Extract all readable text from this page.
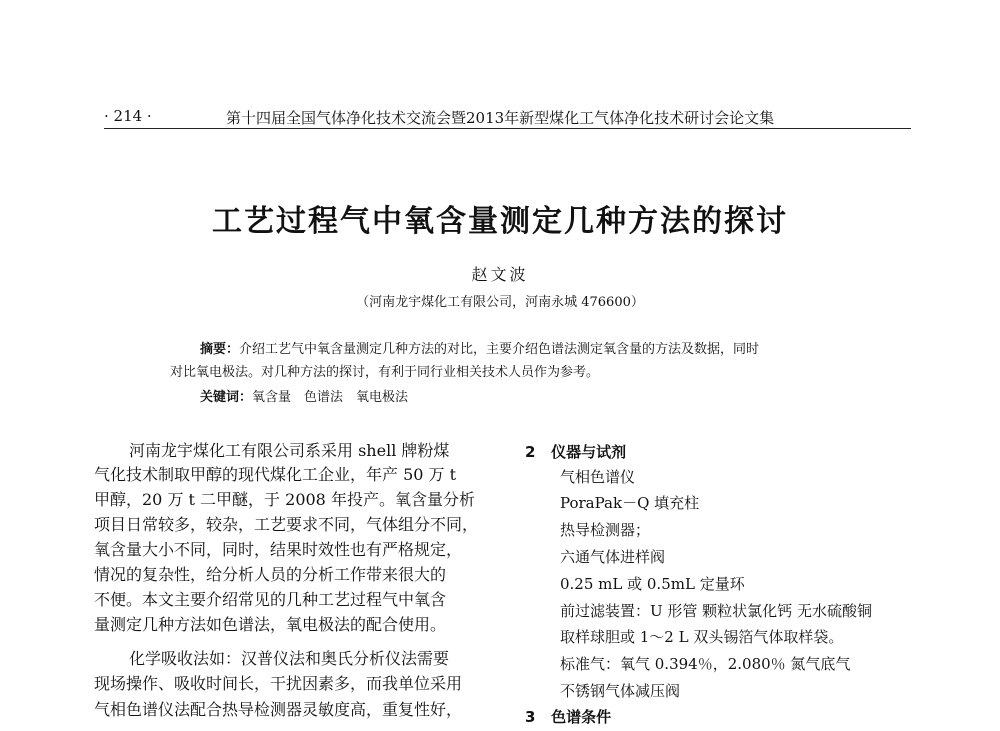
· 214 ·	第十四届全国气体净化技术交流会暨2013年新型煤化工气体净化技术研讨会论文集
工艺过程气中氧含量测定几种方法的探讨
赵文波
（河南龙宇煤化工有限公司，河南永城 476600）
摘要：介绍工艺气中氧含量测定几种方法的对比，主要介绍色谱法测定氧含量的方法及数据，同时
对比氧电极法。对几种方法的探讨，有利于同行业相关技术人员作为参考。
关键词：氧含量　色谱法　氧电极法
河南龙宇煤化工有限公司系采用 shell 牌粉煤
气化技术制取甲醇的现代煤化工企业，年产 50 万 t
甲醇，20 万 t 二甲醚，于 2008 年投产。氧含量分析
项目日常较多，较杂，工艺要求不同，气体组分不同，
氧含量大小不同，同时，结果时效性也有严格规定，
情况的复杂性，给分析人员的分析工作带来很大的
不便。本文主要介绍常见的几种工艺过程气中氧含
量测定几种方法如色谱法，氧电极法的配合使用。
化学吸收法如：汉普仪法和奥氏分析仪法需要
现场操作、吸收时间长，干扰因素多，而我单位采用
气相色谱仪法配合热导检测器灵敏度高，重复性好，
2 仪器与试剂
气相色谱仪
PoraPak－Q 填充柱
热导检测器；
六通气体进样阀
0.25 mL 或 0.5mL 定量环
前过滤装置：U 形管 颗粒状氯化钙 无水硫酸铜
取样球胆或 1～2 L 双头锡箔气体取样袋。
标准气：氧气 0.394％，2.080％ 氮气底气
不锈钢气体减压阀
3 色谱条件
